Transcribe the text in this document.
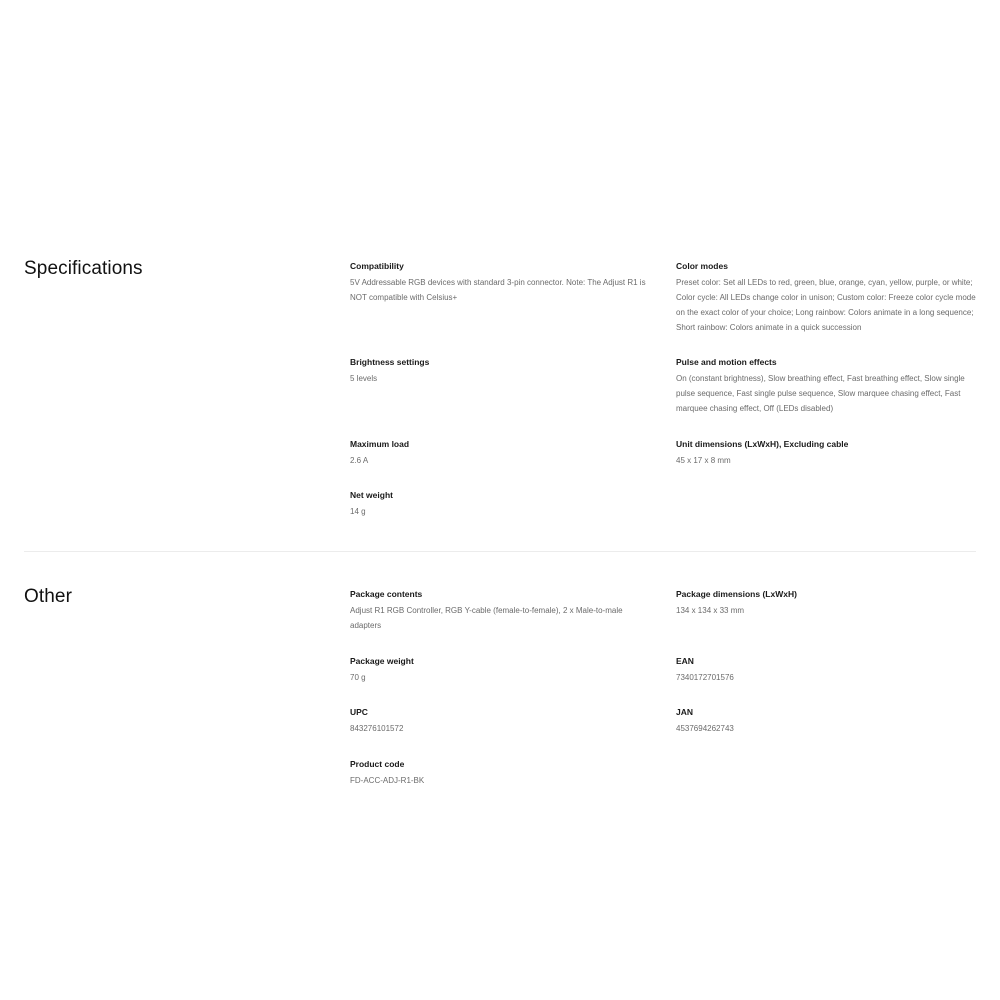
Specifications	Compatibility
5V Addressable RGB devices with standard 3-pin connector. Note: The Adjust R1 is NOT compatible with Celsius+
Color modes
Preset color: Set all LEDs to red, green, blue, orange, cyan, yellow, purple, or white; Color cycle: All LEDs change color in unison; Custom color: Freeze color cycle mode on the exact color of your choice; Long rainbow: Colors animate in a long sequence; Short rainbow: Colors animate in a quick succession
Brightness settings
5 levels
Pulse and motion effects
On (constant brightness), Slow breathing effect, Fast breathing effect, Slow single pulse sequence, Fast single pulse sequence, Slow marquee chasing effect, Fast marquee chasing effect, Off (LEDs disabled)
Maximum load
2.6 A
Unit dimensions (LxWxH), Excluding cable
45 x 17 x 8 mm
Net weight
14 g
Other	Package contents
Adjust R1 RGB Controller, RGB Y-cable (female-to-female), 2 x Male-to-male adapters
Package dimensions (LxWxH)
134 x 134 x 33 mm
Package weight
70 g
EAN
7340172701576
UPC
843276101572
JAN
4537694262743
Product code
FD-ACC-ADJ-R1-BK
